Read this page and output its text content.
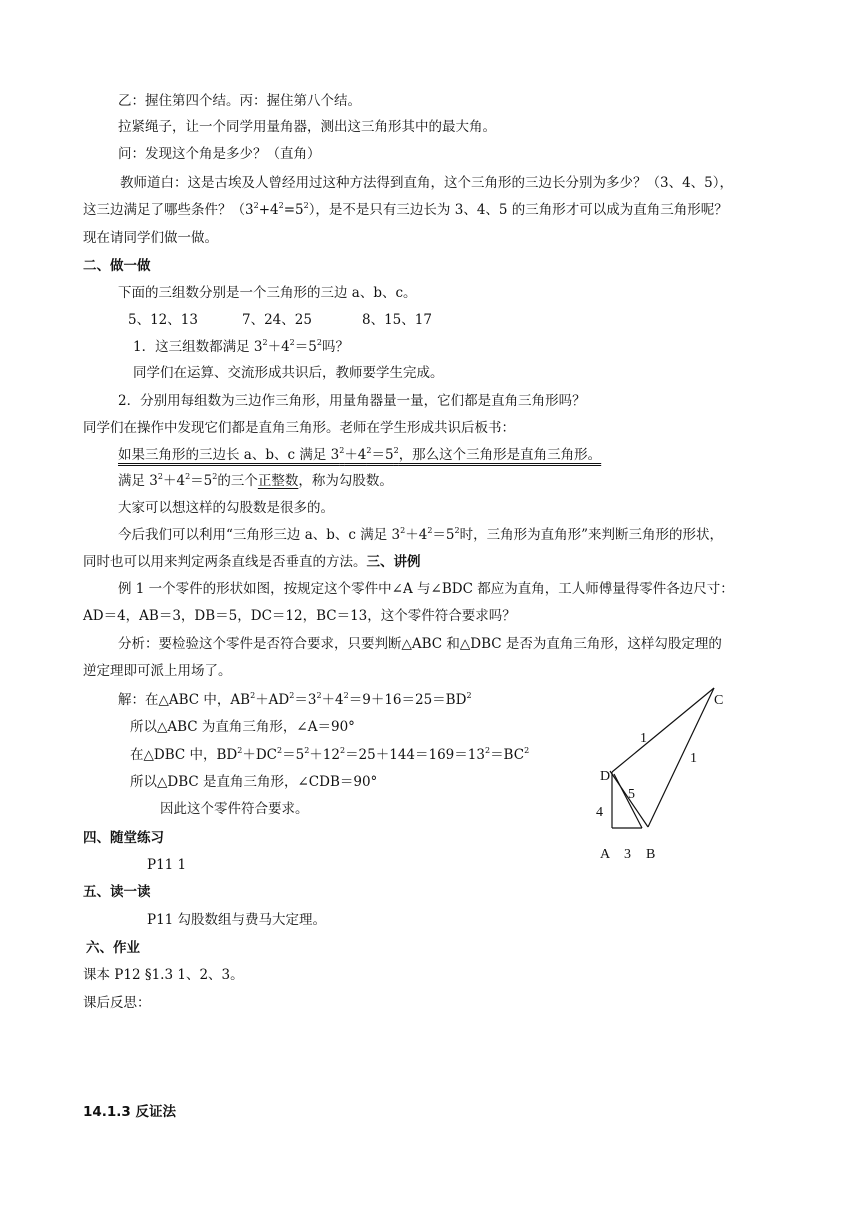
乙：握住第四个结。丙：握住第八个结。
拉紧绳子，让一个同学用量角器，测出这三角形其中的最大角。
问：发现这个角是多少？（直角）
教师道白：这是古埃及人曾经用过这种方法得到直角，这个三角形的三边长分别为多少？（3、4、5），
这三边满足了哪些条件？$(3^2+4^2=5^2)$，是不是只有三边长为 3、4、5 的三角形才可以成为直角三角形呢？
现在请同学们做一做。
二、做一做
下面的三组数分别是一个三角形的三边 a、b、c。
5、12、13	7、24、25	8、15、17
1．这三组数都满足 $3^2+4^2=5^2$吗？
同学们在运算、交流形成共识后，教师要学生完成。
2．分别用每组数为三边作三角形，用量角器量一量，它们都是直角三角形吗？
同学们在操作中发现它们都是直角三角形。老师在学生形成共识后板书：
如果三角形的三边长 a、b、c 满足 $3^2+4^2=5^2$，那么这个三角形是直角三角形。
满足 $3^2+4^2=5^2$的三个正整数，称为勾股数。
大家可以想这样的勾股数是很多的。
今后我们可以利用“三角形三边 a、b、c 满足 $3^2+4^2=5^2$时，三角形为直角形”来判断三角形的形状，
同时也可以用来判定两条直线是否垂直的方法。三、讲例
例 1 一个零件的形状如图，按规定这个零件中∠A 与∠BDC 都应为直角，工人师傅量得零件各边尺寸：
AD＝4，AB＝3，DB＝5，DC＝12，BC＝13，这个零件符合要求吗？
分析：要检验这个零件是否符合要求，只要判断△ABC 和△DBC 是否为直角三角形，这样勾股定理的
逆定理即可派上用场了。
解：在△ABC 中，$AB^2+AD^2=3^2+4^2=9+16=25=BD^2$
所以△ABC 为直角三角形，∠A＝90°
在△DBC 中，$BD^2+DC^2=5^2+12^2=25+144=169=13^2=BC^2$
所以△DBC 是直角三角形，∠CDB＝90°
因此这个零件符合要求。
四、随堂练习
P11 1
五、读一读
P11 勾股数组与费马大定理。
六、作业
课本 P12 §1.3 1、2、3。
课后反思：
14.1.3 反证法
C
D
A 3 B
4
5
1
1
